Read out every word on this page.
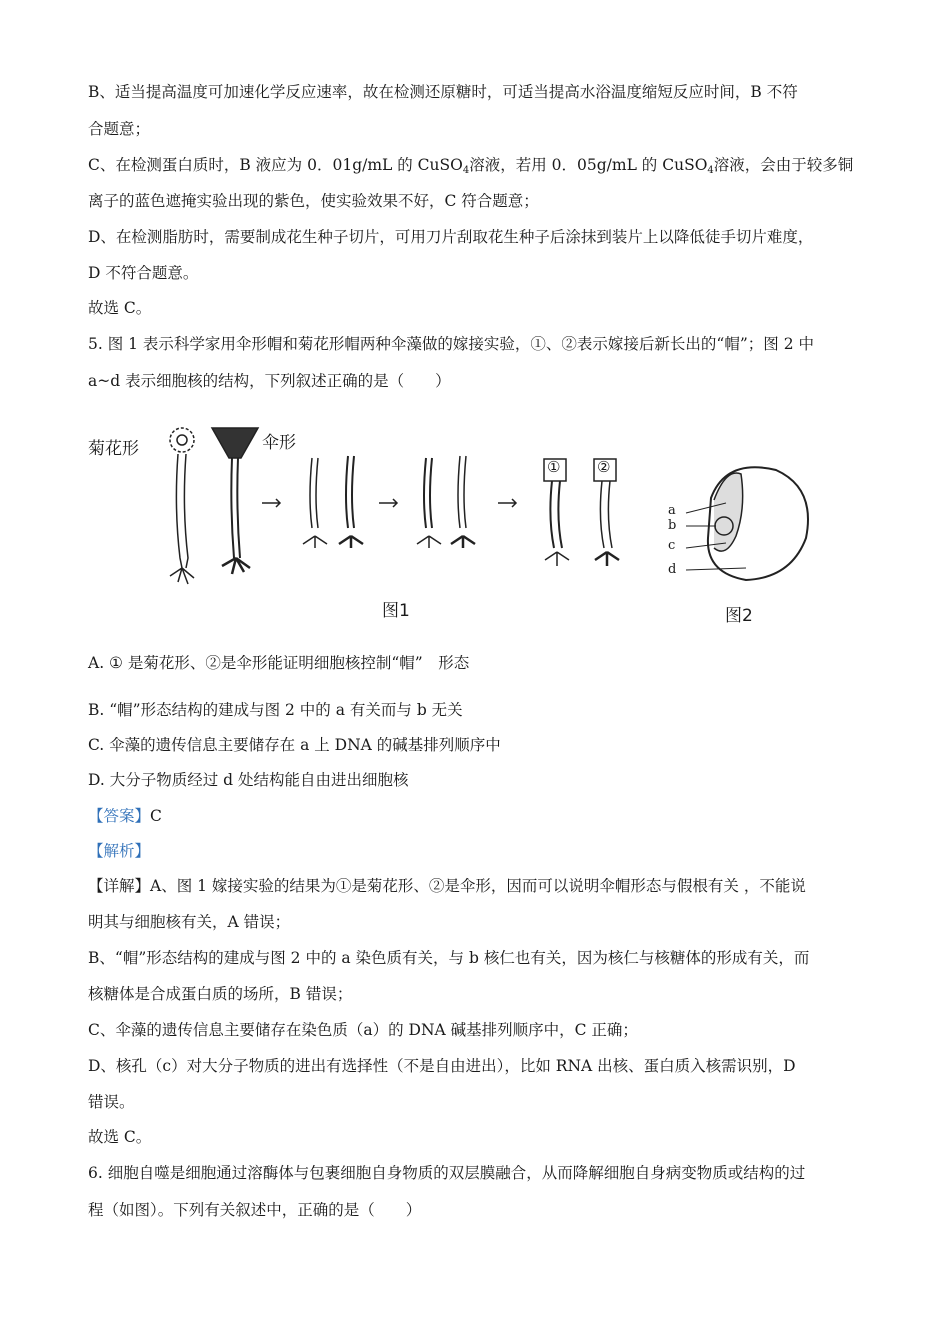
B、适当提高温度可加速化学反应速率，故在检测还原糖时，可适当提高水浴温度缩短反应时间，B 不符
合题意；
C、在检测蛋白质时，B 液应为 0．01g/mL 的 CuSO$_4$溶液，若用 0．05g/mL 的 CuSO$_4$溶液，会由于较多铜
离子的蓝色遮掩实验出现的紫色，使实验效果不好，C 符合题意；
D、在检测脂肪时，需要制成花生种子切片，可用刀片刮取花生种子后涂抹到装片上以降低徒手切片难度，
D 不符合题意。
故选 C。
5. 图 1 表示科学家用伞形帽和菊花形帽两种伞藻做的嫁接实验，①、②表示嫁接后新长出的“帽”；图 2 中
a~d 表示细胞核的结构，下列叙述正确的是（　　）
菊花形	伞形
① ②
a
b
c
d
图1	图2
A. ① 是菊花形、②是伞形能证明细胞核控制“帽”　形态
B. “帽”形态结构的建成与图 2 中的 a 有关而与 b 无关
C. 伞藻的遗传信息主要储存在 a 上 DNA 的碱基排列顺序中
D. 大分子物质经过 d 处结构能自由进出细胞核
【答案】C
【解析】
【详解】A、图 1 嫁接实验的结果为①是菊花形、②是伞形，因而可以说明伞帽形态与假根有关 ，不能说
明其与细胞核有关，A 错误；
B、“帽”形态结构的建成与图 2 中的 a 染色质有关，与 b 核仁也有关，因为核仁与核糖体的形成有关，而
核糖体是合成蛋白质的场所，B 错误；
C、伞藻的遗传信息主要储存在染色质（a）的 DNA 碱基排列顺序中，C 正确；
D、核孔（c）对大分子物质的进出有选择性（不是自由进出），比如 RNA 出核、蛋白质入核需识别，D
错误。
故选 C。
6. 细胞自噬是细胞通过溶酶体与包裹细胞自身物质的双层膜融合，从而降解细胞自身病变物质或结构的过
程（如图）。下列有关叙述中，正确的是（　　）
